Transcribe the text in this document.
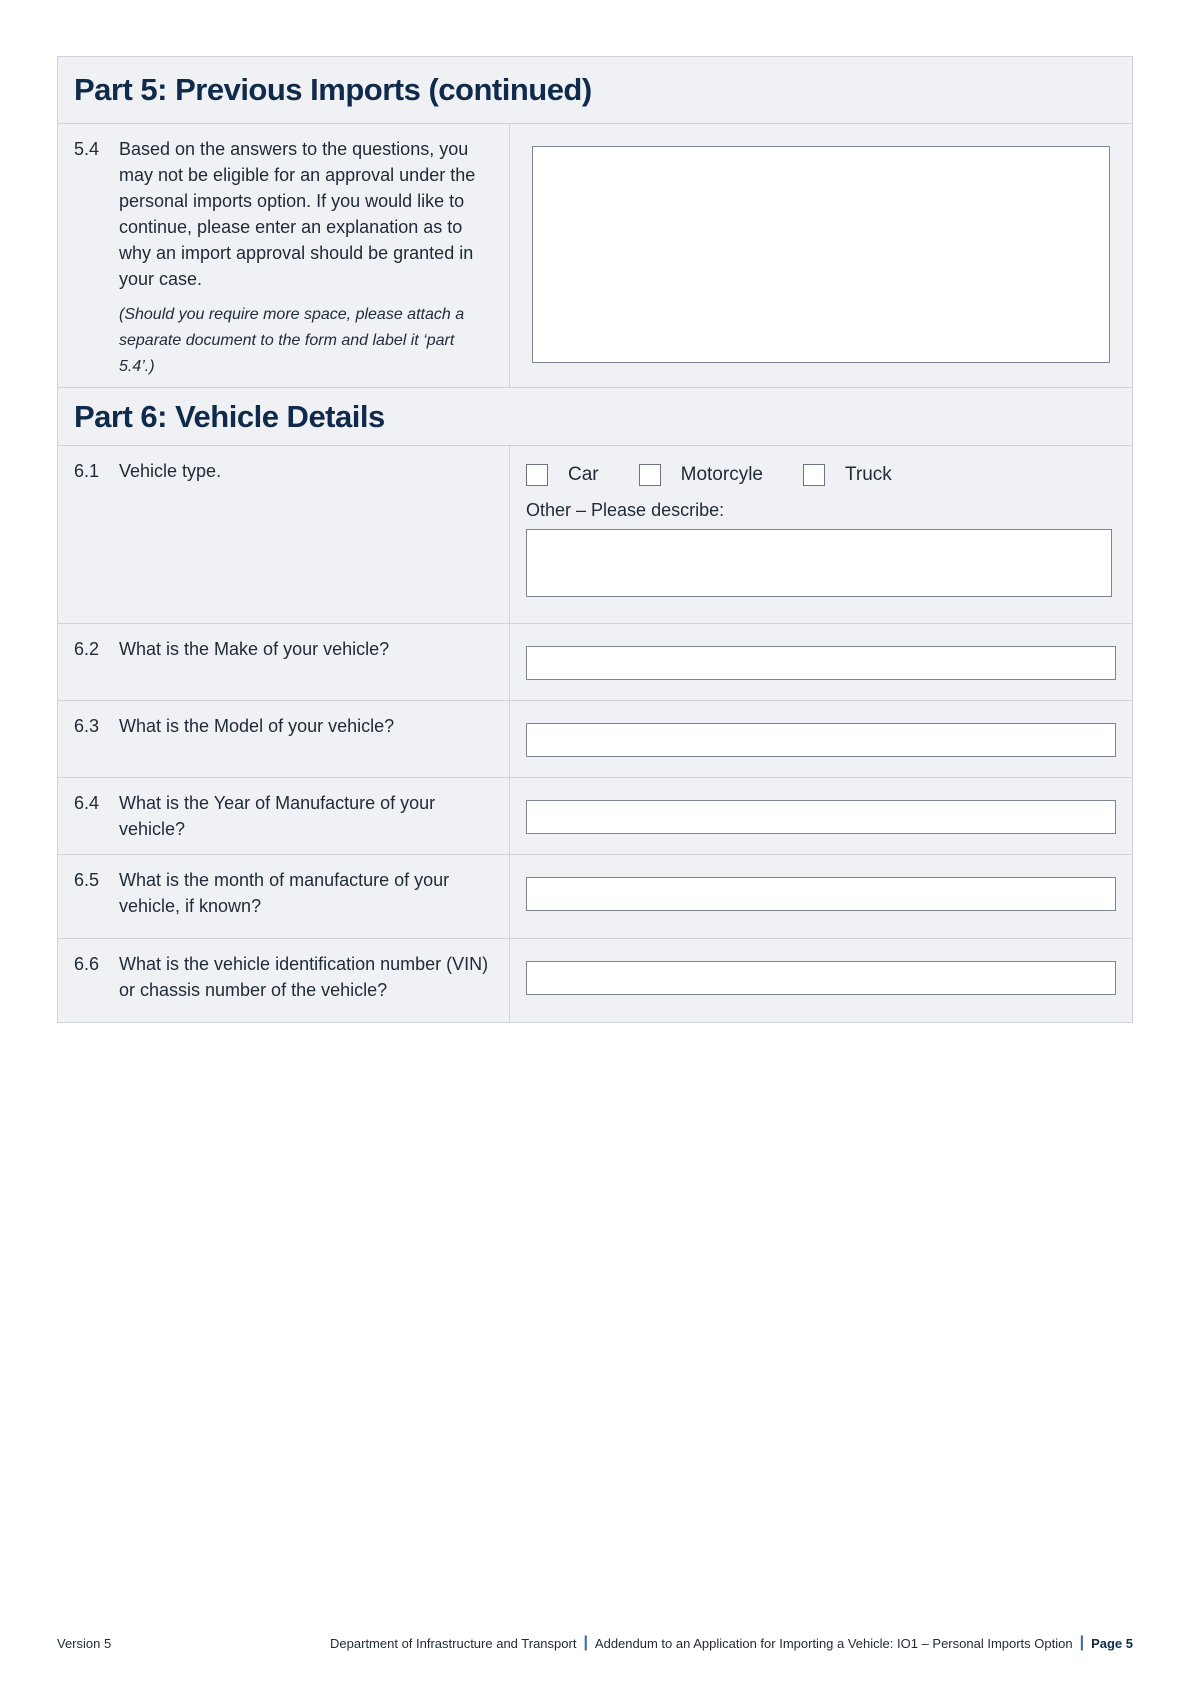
Part 5: Previous Imports (continued)
5.4	Based on the answers to the questions, you may not be eligible for an approval under the personal imports option. If you would like to continue, please enter an explanation as to why an import approval should be granted in your case.
(Should you require more space, please attach a separate document to the form and label it ‘part 5.4’.)
Part 6: Vehicle Details
6.1	Vehicle type.	Car	Motorcyle	Truck
Other – Please describe:
6.2	What is the Make of your vehicle?
6.3	What is the Model of your vehicle?
6.4	What is the Year of Manufacture of your vehicle?
6.5	What is the month of manufacture of your vehicle, if known?
6.6	What is the vehicle identification number (VIN) or chassis number of the vehicle?
Version 5	Department of Infrastructure and Transport | Addendum to an Application for Importing a Vehicle: IO1 – Personal Imports Option | Page 5
